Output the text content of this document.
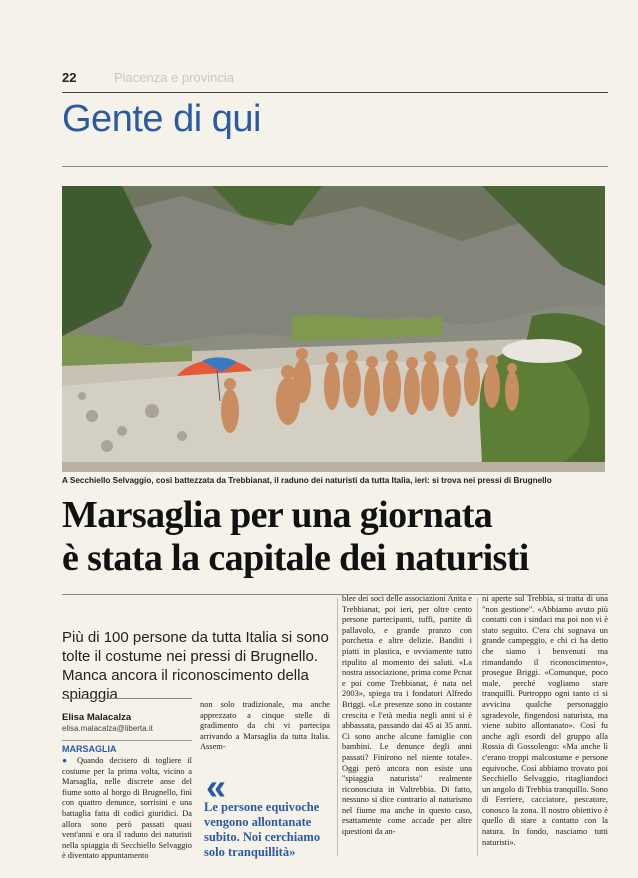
22	Piacenza e provincia
Gente di qui
A Secchiello Selvaggio, così battezzata da Trebbianat, il raduno dei naturisti da tutta Italia, ieri: si trova nei pressi di Brugnello
Marsaglia per una giornata
è stata la capitale dei naturisti
Più di 100 persone da tutta Italia si sono tolte il costume nei pressi di Brugnello. Manca ancora il riconoscimento della spiaggia
Elisa Malacalza
elisa.malacalza@liberta.it
MARSAGLIA
● Quando decisero di togliere il costume per la prima volta, vicino a Marsaglia, nelle discrete anse del fiume sotto al borgo di Brugnello, finì con quattro denunce, sorrisini e una battaglia fatta di codici giuridici. Da allora sono però passati quasi vent'anni e ora il raduno dei naturisti nella spiaggia di Secchiello Selvaggio è diventato appuntamento
non solo tradizionale, ma anche apprezzato a cinque stelle di gradimento da chi vi partecipa arrivando a Marsaglia da tutta Italia. Assem-
«
Le persone equivoche vengono allontanate subito. Noi cerchiamo solo tranquillità»
blee dei soci delle associazioni Anita e Trebbianat, poi ieri, per oltre cento persone partecipanti, tuffi, partite di pallavolo, e grande pranzo con porchetta e altre delizie. Banditi i piatti in plastica, e ovviamente tutto ripulito al momento dei saluti. «La nostra associazione, prima come Pcnat e poi come Trebbianat, è nata nel 2003», spiega tra i fondatori Alfredo Briggi. «Le presenze sono in costante crescita e l'età media negli anni si è abbassata, passando dai 45 ai 35 anni. Ci sono anche alcune famiglie con bambini. Le denunce degli anni passati? Finirono nel niente totale». Oggi però ancora non esiste una "spiaggia naturista" realmente riconosciuta in Valtrebbia. Di fatto, nessuno si dice contrario al naturismo nel fiume ma anche in questo caso, esattamente come accade per altre questioni da an-
ni aperte sul Trebbia, si tratta di una "non gestione". «Abbiamo avuto più contatti con i sindaci ma poi non vi è stato seguito. C'era chi sognava un grande campeggio, e chi ci ha detto che siamo i benvenuti ma rimandando il riconoscimento», prosegue Briggi. «Comunque, poco male, perché vogliamo stare tranquilli. Purtroppo ogni tanto ci si avvicina qualche personaggio sgradevole, fingendosi naturista, ma viene subito allontanato». Così fu anche agli esordi del gruppo alla Rossia di Gossolengo: «Ma anche lì c'erano troppi malcostume e persone equivoche. Così abbiamo trovato poi Secchiello Selvaggio, ritagliandoci un angolo di Trebbia tranquillo. Sono di Ferriere, cacciatore, pescatore, conosco la zona. Il nostro obiettivo è quello di stare a contatto con la natura. In fondo, nasciamo tutti naturisti».
